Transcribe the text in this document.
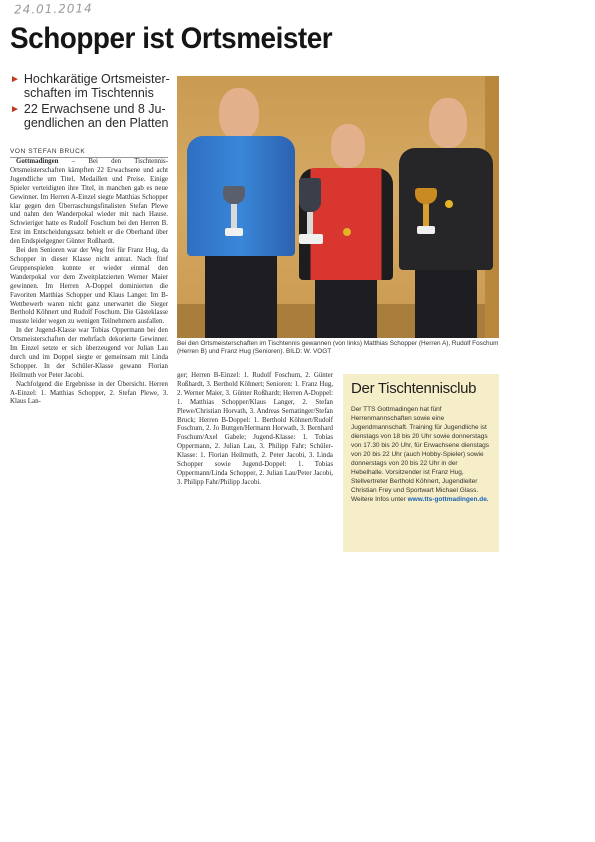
24.01.2014
Schopper ist Ortsmeister
► Hochkarätige Ortsmeister-schaften im Tischtennis
► 22 Erwachsene und 8 Ju-gendlichen an den Platten
VON STEFAN BRUCK

Gottmadingen – Bei den Tischtennis-Ortsmeisterschaften kämpften 22 Erwachsene und acht Jugendliche um Titel, Medaillen und Preise. Einige Spieler verteidigten ihre Titel, in manchen gab es neue Gewinner. Im Herren A-Einzel siegte Matthias Schopper klar gegen den Überraschungsfinalisten Stefan Plewe und nahm den Wanderpokal wieder mit nach Hause. Schwieriger hatte es Rudolf Foschum bei den Herren B. Erst im Entscheidungssatz behielt er die Oberhand über den Endspielgegner Günter Roßhardt.

Bei den Senioren war der Weg frei für Franz Hug, da Schopper in dieser Klasse nicht antrat. Nach fünf Gruppenspielen konnte er wieder einmal den Wanderpokal vor dem Zweitplatzierten Werner Maier gewinnen. Im Herren A-Doppel dominierten die Favoriten Matthias Schopper und Klaus Langer. Im B-Wettbewerb waren nicht ganz unerwartet die Sieger Berthold Köhnert und Rudolf Foschum. Die Gästeklasse musste leider wegen zu wenigen Teilnehmern ausfallen.

In der Jugend-Klasse war Tobias Oppermann bei den Ortsmeisterschaften der mehrfach dekorierte Gewinner. Im Einzel setzte er sich überzeugend vor Julian Lau durch und im Doppel siegte er gemeinsam mit Linda Schopper. In der Schüler-Klasse gewann Florian Heilmuth vor Peter Jacobi.

Nachfolgend die Ergebnisse in der Übersicht. Herren A-Einzel: 1. Matthias Schopper, 2. Stefan Plewe, 3. Klaus Lan-

Bei den Ortsmeisterschaften im Tischtennis gewannen (von links) Matthias Schopper (Herren A), Rudolf Foschum (Herren B) und Franz Hug (Senioren). BILD: W. VOGT

ger; Herren B-Einzel: 1. Rudolf Foschum, 2. Günter Roßhardt, 3. Berthold Köhnert; Senioren: 1. Franz Hug, 2. Werner Maier, 3. Günter Roßhardt; Herren A-Doppel: 1. Matthias Schopper/Klaus Langer, 2. Stefan Plewe/Christian Horvath, 3. Andreas Sernatinger/Stefan Bruck; Herren B-Doppel: 1. Berthold Köhnert/Rudolf Foschum, 2. Jo Buttgen/Hermann Horwath, 3. Bernhard Foschum/Axel Gabele; Jugend-Klasse: 1. Tobias Oppermann, 2. Julian Lau, 3. Philipp Fahr; Schüler-Klasse: 1. Florian Heilmuth, 2. Peter Jacobi, 3. Linda Schopper sowie Jugend-Doppel: 1. Tobias Oppermann/Linda Schopper, 2. Julian Lau/Peter Jacobi, 3. Philipp Fahr/Philipp Jacobi.

Der Tischtennisclub
Der TTS Gottmadingen hat fünf Herrenmannschaften sowie eine Jugendmannschaft. Training für Jugendliche ist dienstags von 18 bis 20 Uhr sowie donnerstags von 17.30 bis 20 Uhr, für Erwachsene dienstags von 20 bis 22 Uhr (auch Hobby-Spieler) sowie donnerstags von 20 bis 22 Uhr in der Hebelhalle. Vorsitzender ist Franz Hug, Stellvertreter Berthold Köhnert, Jugendleiter Christian Frey und Sportwart Michael Glass. Weitere Infos unter www.tts-gottmadingen.de.
